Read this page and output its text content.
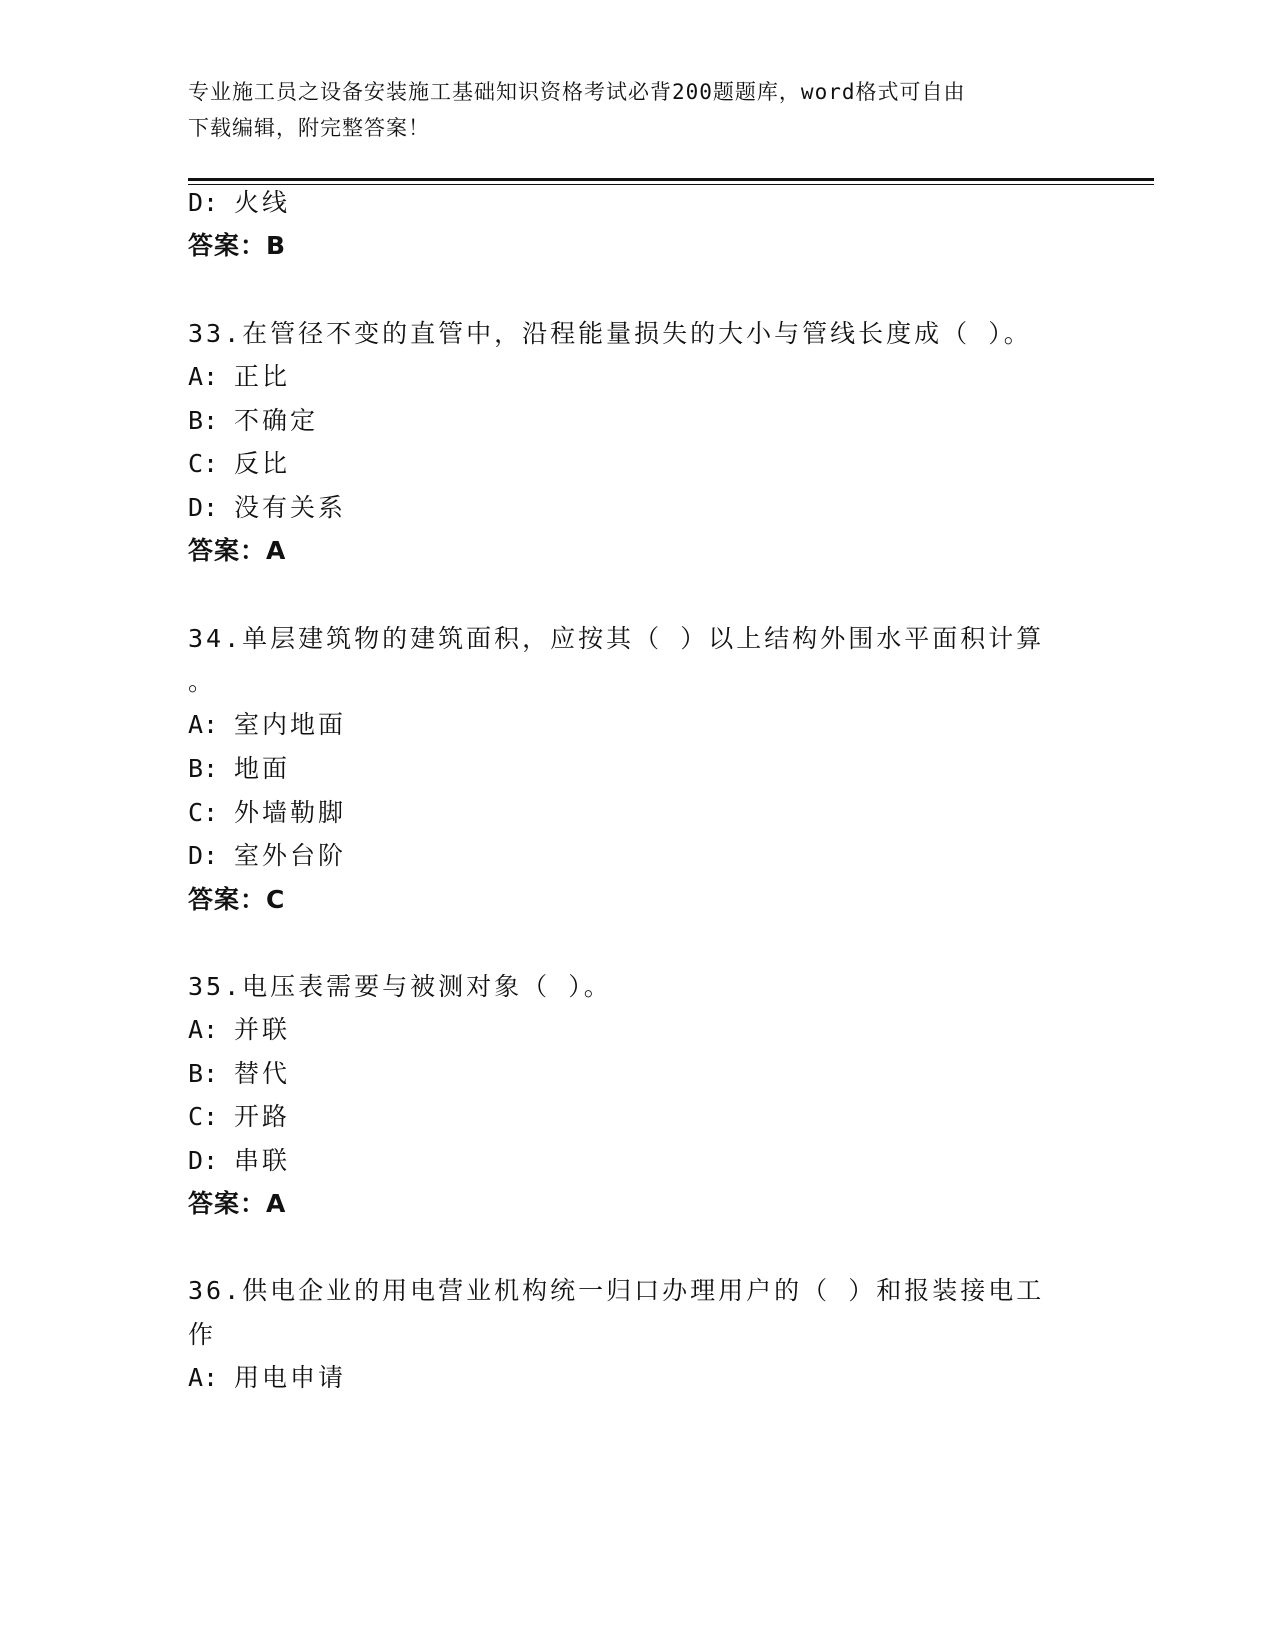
专业施工员之设备安装施工基础知识资格考试必背200题题库，word格式可自由
下载编辑，附完整答案！
D: 火线
答案：B
33.在管径不变的直管中，沿程能量损失的大小与管线长度成（ ）。
A: 正比
B: 不确定
C: 反比
D: 没有关系
答案：A
34.单层建筑物的建筑面积，应按其（ ）以上结构外围水平面积计算
。
A: 室内地面
B: 地面
C: 外墙勒脚
D: 室外台阶
答案：C
35.电压表需要与被测对象（ ）。
A: 并联
B: 替代
C: 开路
D: 串联
答案：A
36.供电企业的用电营业机构统一归口办理用户的（ ）和报装接电工
作
A: 用电申请
